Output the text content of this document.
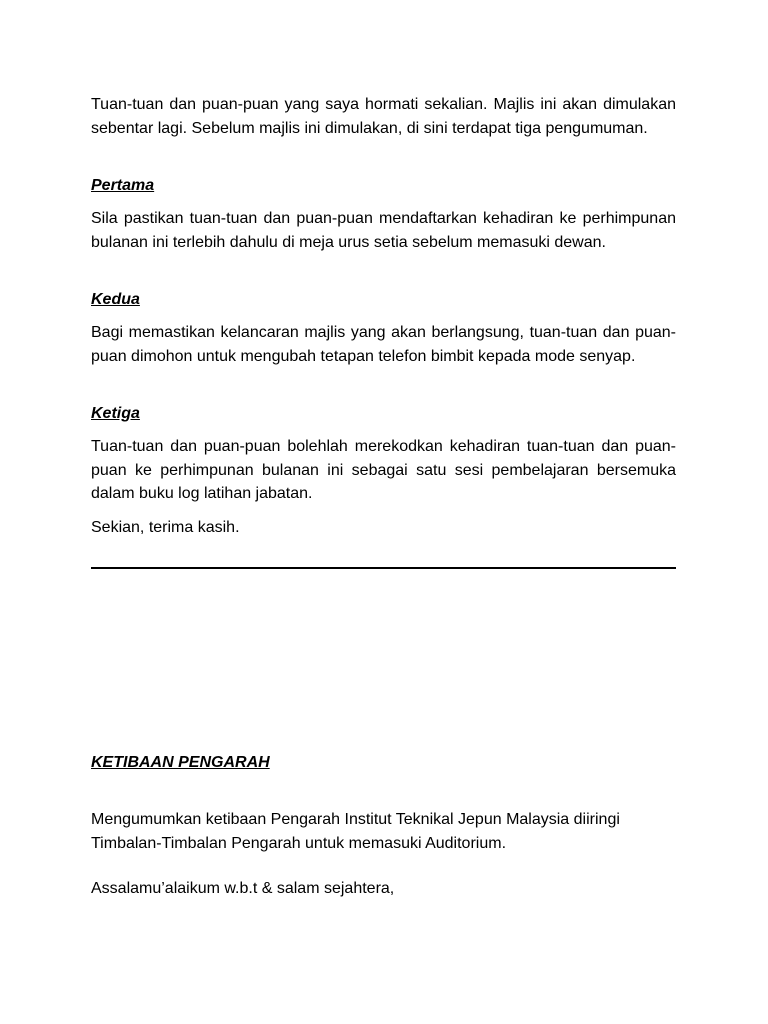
Tuan-tuan dan puan-puan yang saya hormati sekalian. Majlis ini akan dimulakan sebentar lagi. Sebelum majlis ini dimulakan, di sini terdapat tiga pengumuman.

Pertama

Sila pastikan tuan-tuan dan puan-puan mendaftarkan kehadiran ke perhimpunan bulanan ini terlebih dahulu di meja urus setia sebelum memasuki dewan.

Kedua

Bagi memastikan kelancaran majlis yang akan berlangsung, tuan-tuan dan puan-puan dimohon untuk mengubah tetapan telefon bimbit kepada mode senyap.

Ketiga

Tuan-tuan dan puan-puan bolehlah merekodkan kehadiran tuan-tuan dan puan-puan ke perhimpunan bulanan ini sebagai satu sesi pembelajaran bersemuka dalam buku log latihan jabatan.

Sekian, terima kasih.

KETIBAAN PENGARAH

Mengumumkan ketibaan Pengarah Institut Teknikal Jepun Malaysia diiringi Timbalan-Timbalan Pengarah untuk memasuki Auditorium.

Assalamu’alaikum w.b.t & salam sejahtera,
